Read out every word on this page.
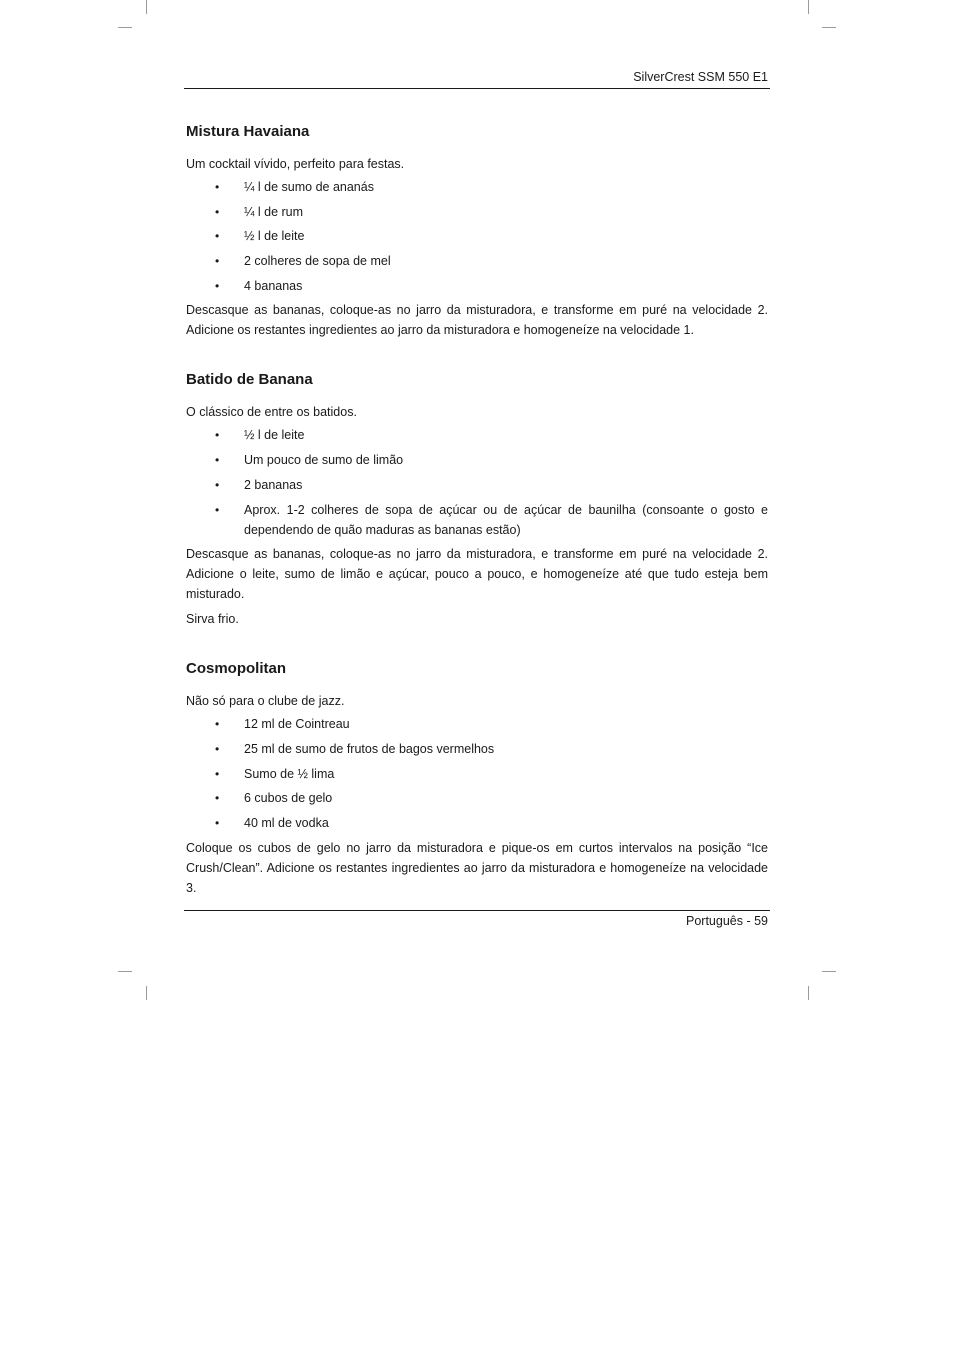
SilverCrest SSM 550 E1
Mistura Havaiana
Um cocktail vívido, perfeito para festas.
• ¼ l de sumo de ananás
• ¼ l de rum
• ½ l de leite
• 2 colheres de sopa de mel
• 4 bananas
Descasque as bananas, coloque-as no jarro da misturadora, e transforme em puré na velocidade 2. Adicione os restantes ingredientes ao jarro da misturadora e homogeneíze na velocidade 1.
Batido de Banana
O clássico de entre os batidos.
• ½ l de leite
• Um pouco de sumo de limão
• 2 bananas
• Aprox. 1-2 colheres de sopa de açúcar ou de açúcar de baunilha (consoante o gosto e dependendo de quão maduras as bananas estão)
Descasque as bananas, coloque-as no jarro da misturadora, e transforme em puré na velocidade 2. Adicione o leite, sumo de limão e açúcar, pouco a pouco, e homogeneíze até que tudo esteja bem misturado.
Sirva frio.
Cosmopolitan
Não só para o clube de jazz.
• 12 ml de Cointreau
• 25 ml de sumo de frutos de bagos vermelhos
• Sumo de ½ lima
• 6 cubos de gelo
• 40 ml de vodka
Coloque os cubos de gelo no jarro da misturadora e pique-os em curtos intervalos na posição “Ice Crush/Clean”. Adicione os restantes ingredientes ao jarro da misturadora e homogeneíze na velocidade 3.
Português - 59
